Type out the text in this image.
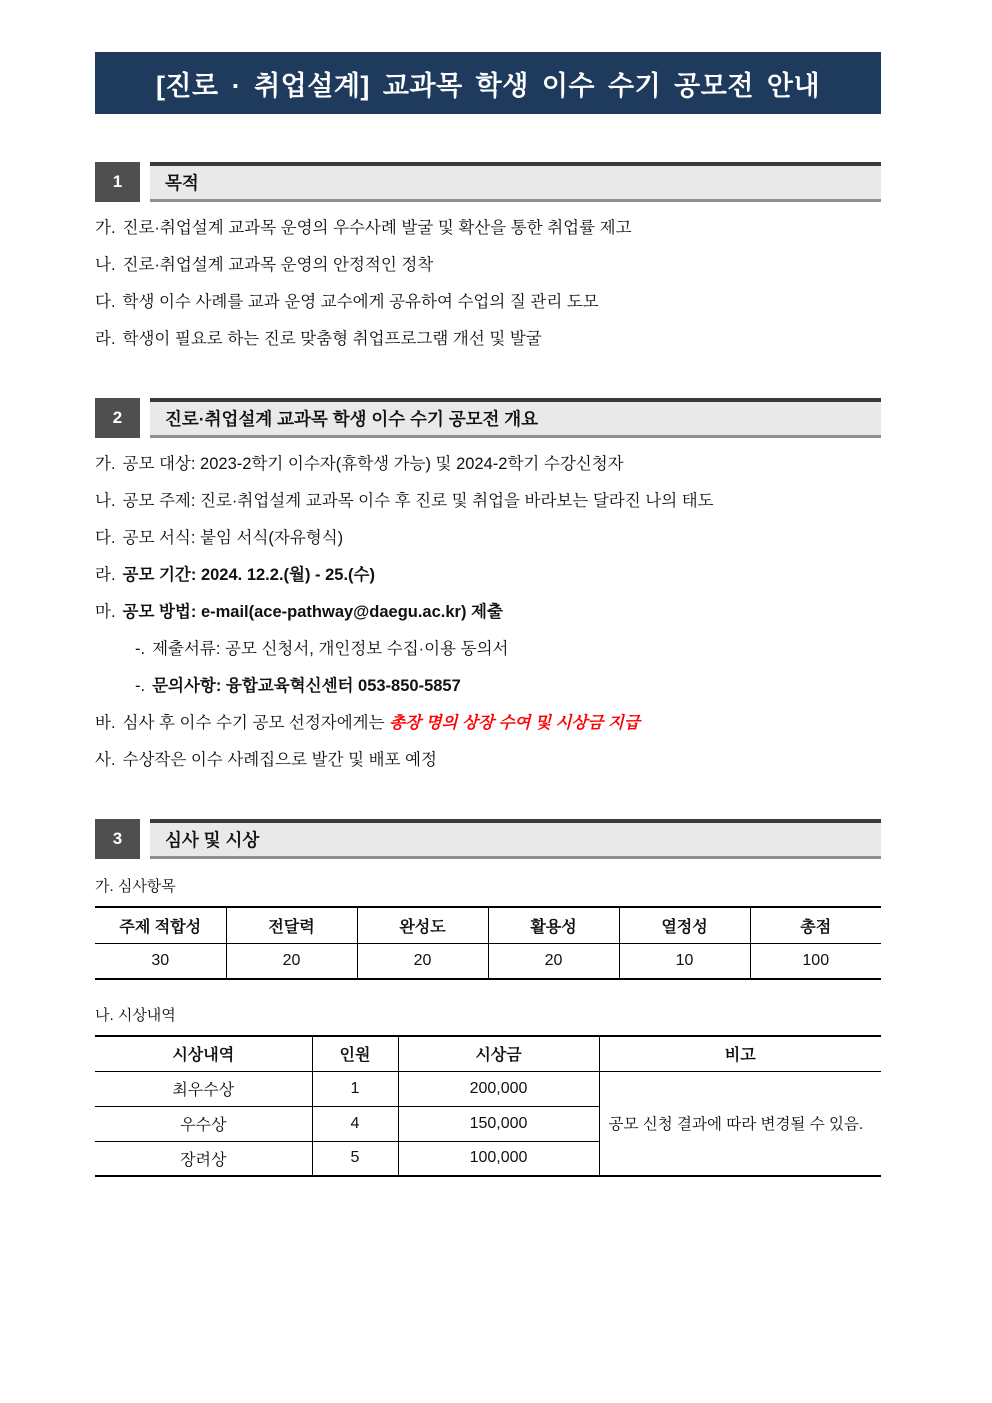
[진로 · 취업설계] 교과목 학생 이수 수기 공모전 안내
1	목적
가. 진로·취업설계 교과목 운영의 우수사례 발굴 및 확산을 통한 취업률 제고
나. 진로·취업설계 교과목 운영의 안정적인 정착
다. 학생 이수 사례를 교과 운영 교수에게 공유하여 수업의 질 관리 도모
라. 학생이 필요로 하는 진로 맞춤형 취업프로그램 개선 및 발굴
2	진로·취업설계 교과목 학생 이수 수기 공모전 개요
가. 공모 대상: 2023-2학기 이수자(휴학생 가능) 및 2024-2학기 수강신청자
나. 공모 주제: 진로·취업설계 교과목 이수 후 진로 및 취업을 바라보는 달라진 나의 태도
다. 공모 서식: 붙임 서식(자유형식)
라. 공모 기간: 2024. 12.2.(월) - 25.(수)
마. 공모 방법: e-mail(ace-pathway@daegu.ac.kr) 제출
-. 제출서류: 공모 신청서, 개인정보 수집·이용 동의서
-. 문의사항: 융합교육혁신센터 053-850-5857
바. 심사 후 이수 수기 공모 선정자에게는 총장 명의 상장 수여 및 시상금 지급
사. 수상작은 이수 사례집으로 발간 및 배포 예정
3	심사 및 시상
가. 심사항목
주제 적합성	전달력	완성도	활용성	열정성	총점
30	20	20	20	10	100
나. 시상내역
시상내역	인원	시상금	비고
최우수상	1	200,000	공모 신청 결과에 따라 변경될 수 있음.
우수상	4	150,000	
장려상	5	100,000	
